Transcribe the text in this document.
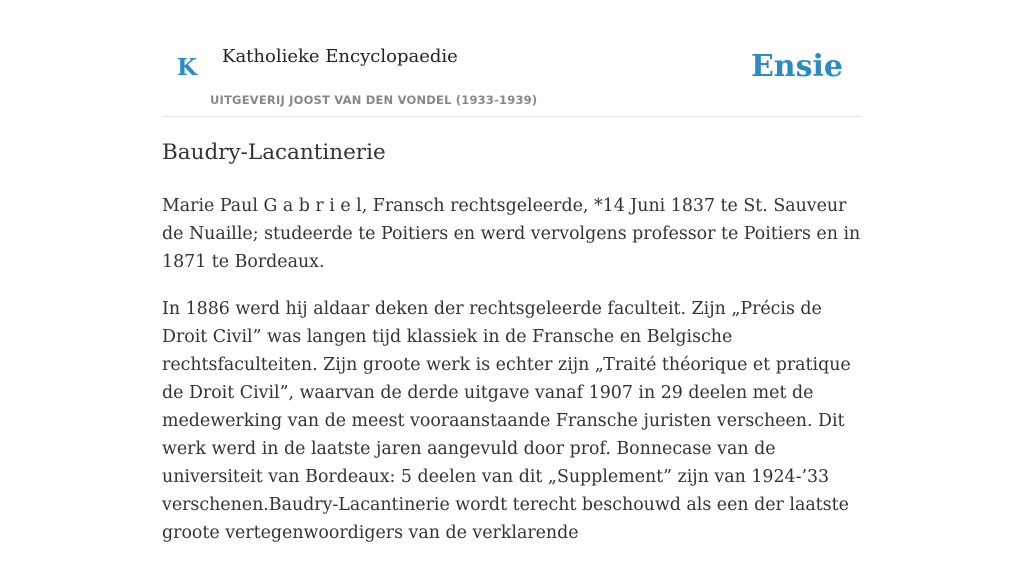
K Katholieke Encyclopaedie
UITGEVERIJ JOOST VAN DEN VONDEL (1933-1939)
Ensie
Baudry-Lacantinerie

Marie Paul G a b r i e l, Fransch rechtsgeleerde, *14 Juni 1837 te St. Sauveur de Nuaille; studeerde te Poitiers en werd vervolgens professor te Poitiers en in 1871 te Bordeaux.

In 1886 werd hij aldaar deken der rechtsgeleerde faculteit. Zijn „Précis de Droit Civil” was langen tijd klassiek in de Fransche en Belgische rechtsfaculteiten. Zijn groote werk is echter zijn „Traité théorique et pratique de Droit Civil”, waarvan de derde uitgave vanaf 1907 in 29 deelen met de medewerking van de meest vooraanstaande Fransche juristen verscheen. Dit werk werd in de laatste jaren aangevuld door prof. Bonnecase van de universiteit van Bordeaux: 5 deelen van dit „Supplement” zijn van 1924-’33 verschenen.Baudry-Lacantinerie wordt terecht beschouwd als een der laatste groote vertegenwoordigers van de verklarende
